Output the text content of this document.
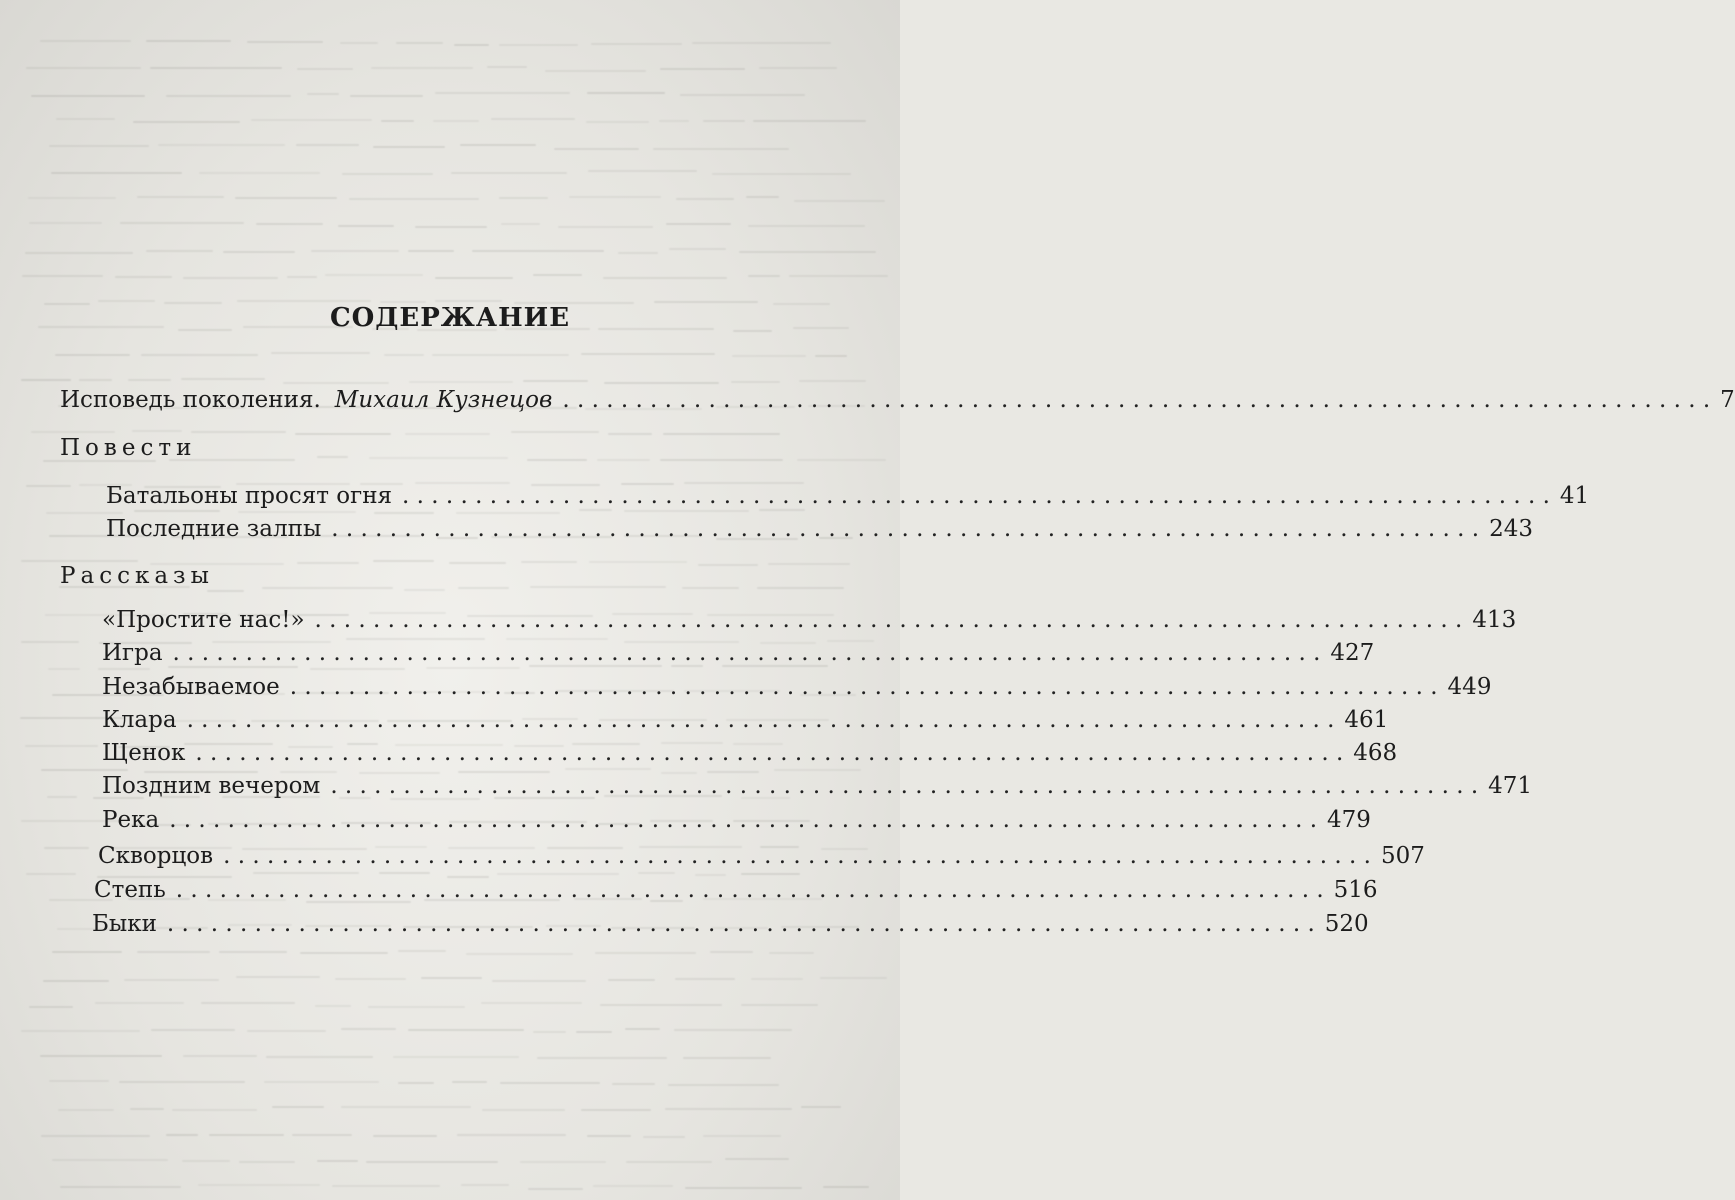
СОДЕРЖАНИЕ
Исповедь поколения. Михаил Кузнецов . . . . . . . . . . . . . . . . . . . . . . . . . . . . . . . . . . . . . . . . . . . . . . . . . . . . . . . . . . . . . . . . . . . . . . . . . . . . . . . 7
Повести
Батальоны просят огня . . . . . . . . . . . . . . . . . . . . . . . . . . . . . . . . . . . . . . . . . . . . . . . . . . . . . . . . . . . . . . . . . . . . . . . . . . . . . . . 41
Последние залпы . . . . . . . . . . . . . . . . . . . . . . . . . . . . . . . . . . . . . . . . . . . . . . . . . . . . . . . . . . . . . . . . . . . . . . . . . . . . . . . 243
Рассказы
«Простите нас!» . . . . . . . . . . . . . . . . . . . . . . . . . . . . . . . . . . . . . . . . . . . . . . . . . . . . . . . . . . . . . . . . . . . . . . . . . . . . . . . 413
Игра . . . . . . . . . . . . . . . . . . . . . . . . . . . . . . . . . . . . . . . . . . . . . . . . . . . . . . . . . . . . . . . . . . . . . . . . . . . . . . . 427
Незабываемое . . . . . . . . . . . . . . . . . . . . . . . . . . . . . . . . . . . . . . . . . . . . . . . . . . . . . . . . . . . . . . . . . . . . . . . . . . . . . . . 449
Клара . . . . . . . . . . . . . . . . . . . . . . . . . . . . . . . . . . . . . . . . . . . . . . . . . . . . . . . . . . . . . . . . . . . . . . . . . . . . . . . 461
Щенок . . . . . . . . . . . . . . . . . . . . . . . . . . . . . . . . . . . . . . . . . . . . . . . . . . . . . . . . . . . . . . . . . . . . . . . . . . . . . . . 468
Поздним вечером . . . . . . . . . . . . . . . . . . . . . . . . . . . . . . . . . . . . . . . . . . . . . . . . . . . . . . . . . . . . . . . . . . . . . . . . . . . . . . . 471
Река . . . . . . . . . . . . . . . . . . . . . . . . . . . . . . . . . . . . . . . . . . . . . . . . . . . . . . . . . . . . . . . . . . . . . . . . . . . . . . . 479
Скворцов . . . . . . . . . . . . . . . . . . . . . . . . . . . . . . . . . . . . . . . . . . . . . . . . . . . . . . . . . . . . . . . . . . . . . . . . . . . . . . . 507
Степь . . . . . . . . . . . . . . . . . . . . . . . . . . . . . . . . . . . . . . . . . . . . . . . . . . . . . . . . . . . . . . . . . . . . . . . . . . . . . . . 516
Быки . . . . . . . . . . . . . . . . . . . . . . . . . . . . . . . . . . . . . . . . . . . . . . . . . . . . . . . . . . . . . . . . . . . . . . . . . . . . . . . 520
